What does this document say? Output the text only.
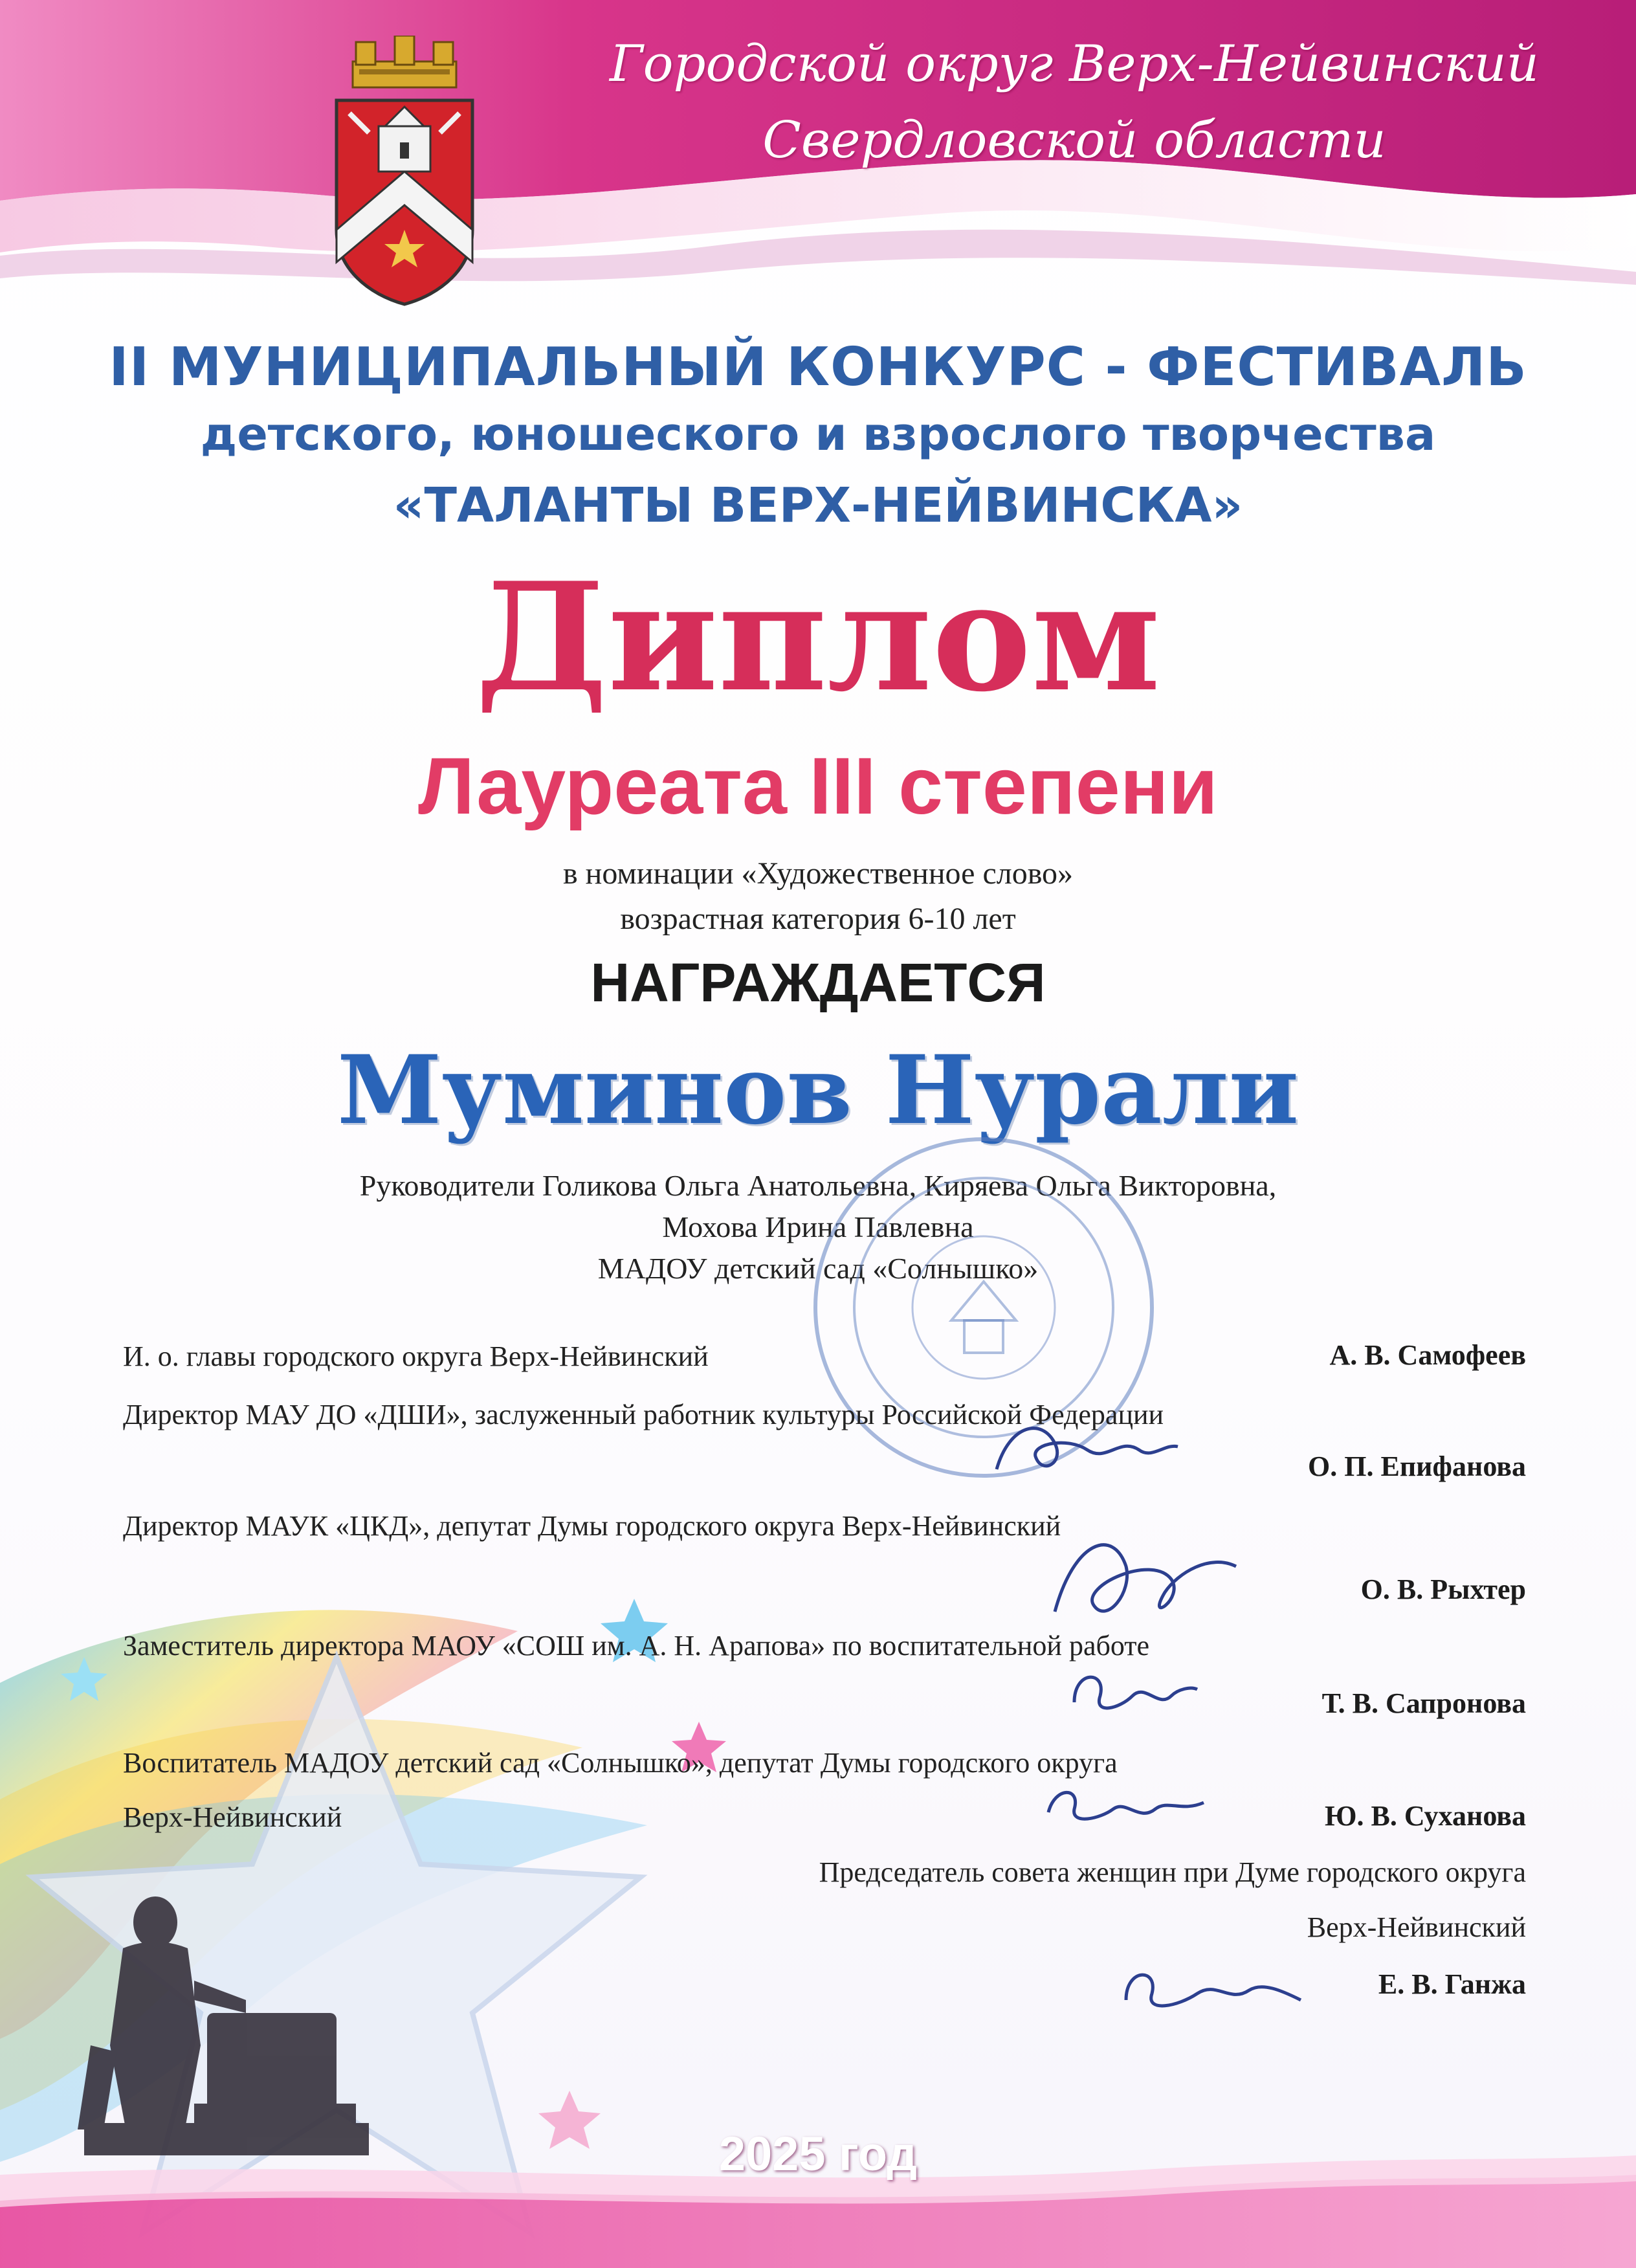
Городской округ Верх-Нейвинский
Свердловской области
II МУНИЦИПАЛЬНЫЙ КОНКУРС - ФЕСТИВАЛЬ
детского, юношеского и взрослого творчества
«ТАЛАНТЫ ВЕРХ-НЕЙВИНСКА»
Диплом
Лауреата III степени
в номинации «Художественное слово»
возрастная категория 6-10 лет
НАГРАЖДАЕТСЯ
Муминов Нурали
Руководители Голикова Ольга Анатольевна, Киряева Ольга Викторовна,
Мохова Ирина Павлевна
МАДОУ детский сад «Солнышко»
И. о. главы городского округа Верх-Нейвинский	А. В. Самофеев
Директор МАУ ДО «ДШИ», заслуженный работник культуры Российской Федерации
О. П. Епифанова
Директор МАУК «ЦКД», депутат Думы городского округа Верх-Нейвинский
О. В. Рыхтер
Заместитель директора МАОУ «СОШ им. А. Н. Арапова» по воспитательной работе
Т. В. Сапронова
Воспитатель МАДОУ детский сад «Солнышко», депутат Думы городского округа
Верх-Нейвинский	Ю. В. Суханова
Председатель совета женщин при Думе городского округа
Верх-Нейвинский
Е. В. Ганжа
2025 год
